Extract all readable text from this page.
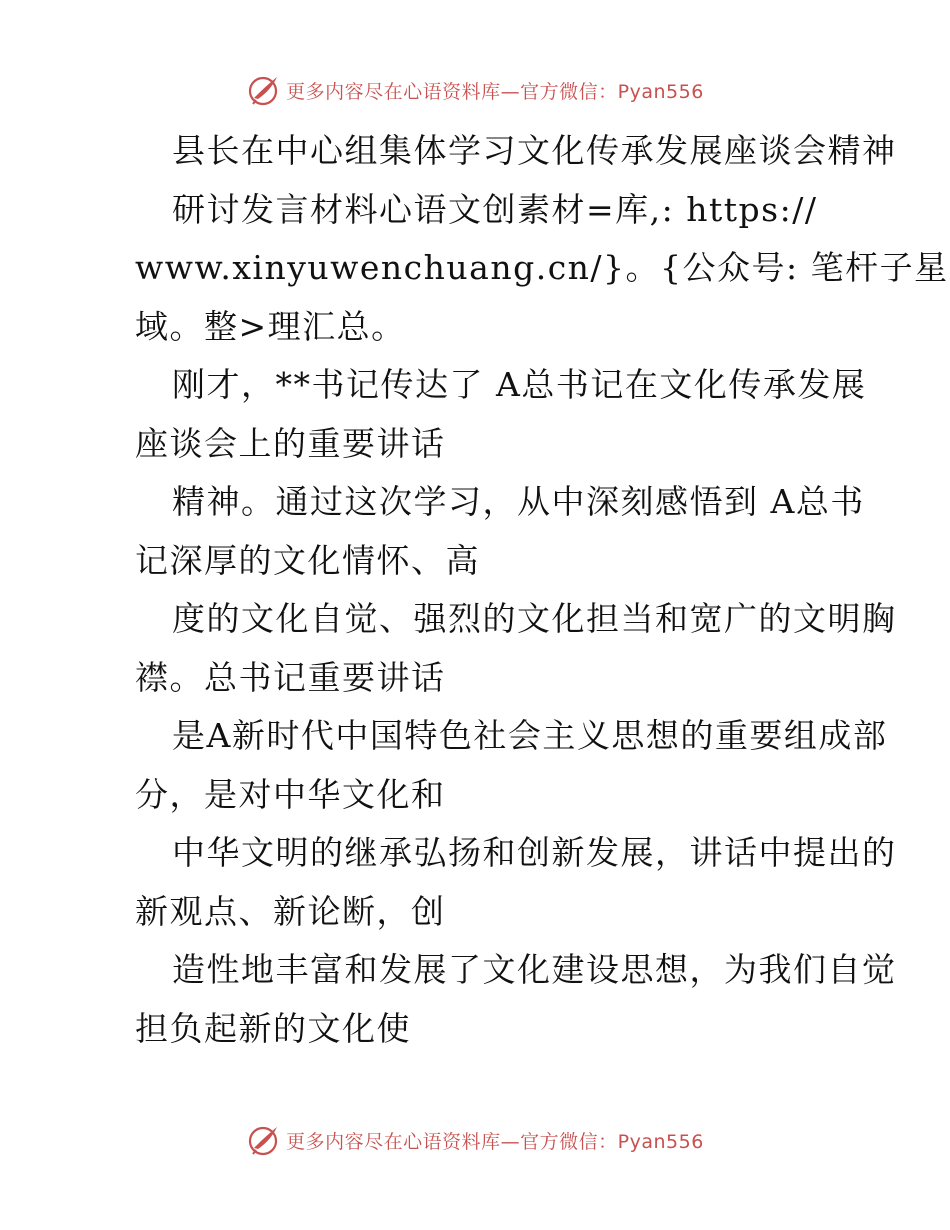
更多内容尽在心语资料库—官方微信：Pyan556
县长在中心组集体学习文化传承发展座谈会精神
研讨发言材料心语文创素材=库,: https://
www.xinyuwenchuang.cn/}。{公众号: 笔杆子星
域。整>理汇总。
刚才，**书记传达了 A总书记在文化传承发展
座谈会上的重要讲话
精神。通过这次学习，从中深刻感悟到 A总书
记深厚的文化情怀、高
度的文化自觉、强烈的文化担当和宽广的文明胸
襟。总书记重要讲话
是A新时代中国特色社会主义思想的重要组成部
分，是对中华文化和
中华文明的继承弘扬和创新发展，讲话中提出的
新观点、新论断，创
造性地丰富和发展了文化建设思想，为我们自觉
担负起新的文化使
更多内容尽在心语资料库—官方微信：Pyan556
